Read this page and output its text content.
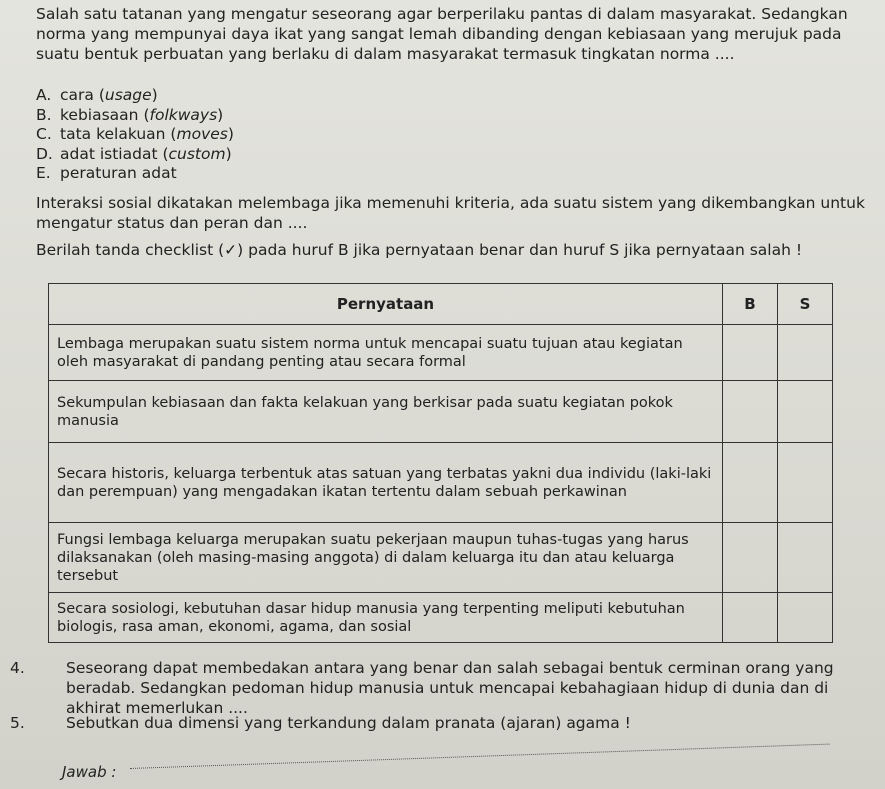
Salah satu tatanan yang mengatur seseorang agar berperilaku pantas di dalam masyarakat. Sedangkan norma yang mempunyai daya ikat yang sangat lemah dibanding dengan kebiasaan yang merujuk pada suatu bentuk perbuatan yang berlaku di dalam masyarakat termasuk tingkatan norma ....

A. cara (usage)

B. kebiasaan (folkways)

C. tata kelakuan (moves)

D. adat istiadat (custom)

E. peraturan adat

Interaksi sosial dikatakan melembaga jika memenuhi kriteria, ada suatu sistem yang dikembangkan untuk mengatur status dan peran dan ....

Berilah tanda checklist (✓) pada huruf B jika pernyataan benar dan huruf S jika pernyataan salah !

Pernyataan	B	S
Lembaga merupakan suatu sistem norma untuk mencapai suatu tujuan atau kegiatan oleh masyarakat di pandang penting atau secara formal		
Sekumpulan kebiasaan dan fakta kelakuan yang berkisar pada suatu kegiatan pokok manusia		
Secara historis, keluarga terbentuk atas satuan yang terbatas yakni dua individu (laki-laki dan perempuan) yang mengadakan ikatan tertentu dalam sebuah perkawinan		
Fungsi lembaga keluarga merupakan suatu pekerjaan maupun tuhas-tugas yang harus dilaksanakan (oleh masing-masing anggota) di dalam keluarga itu dan atau keluarga tersebut		
Secara sosiologi, kebutuhan dasar hidup manusia yang terpenting meliputi kebutuhan biologis, rasa aman, ekonomi, agama, dan sosial		

4.	Seseorang dapat membedakan antara yang benar dan salah sebagai bentuk cerminan orang yang beradab. Sedangkan pedoman hidup manusia untuk mencapai kebahagiaan hidup di dunia dan di akhirat memerlukan ....

5.	Sebutkan dua dimensi yang terkandung dalam pranata (ajaran) agama !

Jawab :
